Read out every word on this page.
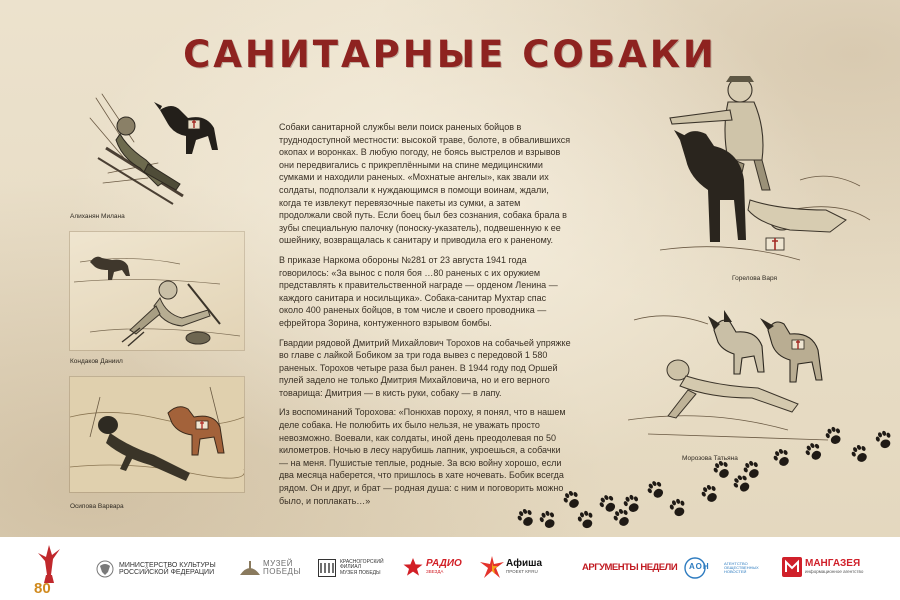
САНИТАРНЫЕ СОБАКИ
Алиханян Милана
Кондаков Даниил
Осипова Варвара

Собаки санитарной службы вели поиск раненых бойцов в труднодоступной местности: высокой траве, болоте, в обвалившихся окопах и воронках. В любую погоду, не боясь выстрелов и взрывов они передвигались с прикреплёнными на спине медицинскими сумками и находили раненых. «Мохнатые ангелы», как звали их солдаты, подползали к нуждающимся в помощи воинам, ждали, когда те извлекут перевязочные пакеты из сумки, а затем продолжали свой путь. Если боец был без сознания, собака брала в зубы специальную палочку (поноску-указатель), подвешенную к ее ошейнику, возвращалась к санитару и приводила его к раненому.

В приказе Наркома обороны №281 от 23 августа 1941 года говорилось: «За вынос с поля боя …80 раненых с их оружием представлять к правительственной награде — орденом Ленина — каждого санитара и носильщика». Собака-санитар Мухтар спас около 400 раненых бойцов, в том числе и своего проводника — ефрейтора Зорина, контуженного взрывом бомбы.

Гвардии рядовой Дмитрий Михайлович Торохов на собачьей упряжке во главе с лайкой Бобиком за три года вывез с передовой 1 580 раненых. Торохов четыре раза был ранен. В 1944 году под Оршей пулей задело не только Дмитрия Михайловича, но и его верного товарища: Дмитрия — в кисть руки, собаку — в лапу.

Из воспоминаний Торохова: «Понюхав пороху, я понял, что в нашем деле собака. Не полюбить их было нельзя, не уважать просто невозможно. Воевали, как солдаты, иной день преодолевая по 50 километров. Ночью в лесу нарубишь лапник, укроешься, а собачки — на меня. Пушистые теплые, родные. За всю войну хорошо, если два месяца наберется, что пришлось в хате ночевать. Бобик всегда рядом. Он и друг, и брат — родная душа: с ним и поговорить можно было, и поплакать…»

Горелова Варя
Морозова Татьяна
80
МИНИСТЕРСТВО КУЛЬТУРЫ
РОССИЙСКОЙ ФЕДЕРАЦИИ
МУЗЕЙ
ПОБЕДЫ
КРАСНОГОРСКИЙ
ФИЛИАЛ
МУЗЕЯ ПОБЕДЫ
РАДИО
ЗВЕЗДА
Афиша
ПРОЕКТ КР.RU	АРГУМЕНТЫ НЕДЕЛИ АОН	АГЕНТСТВО
ОБЩЕСТВЕННЫХ
НОВОСТЕЙ
МАНГАЗЕЯ
информационное агентство
